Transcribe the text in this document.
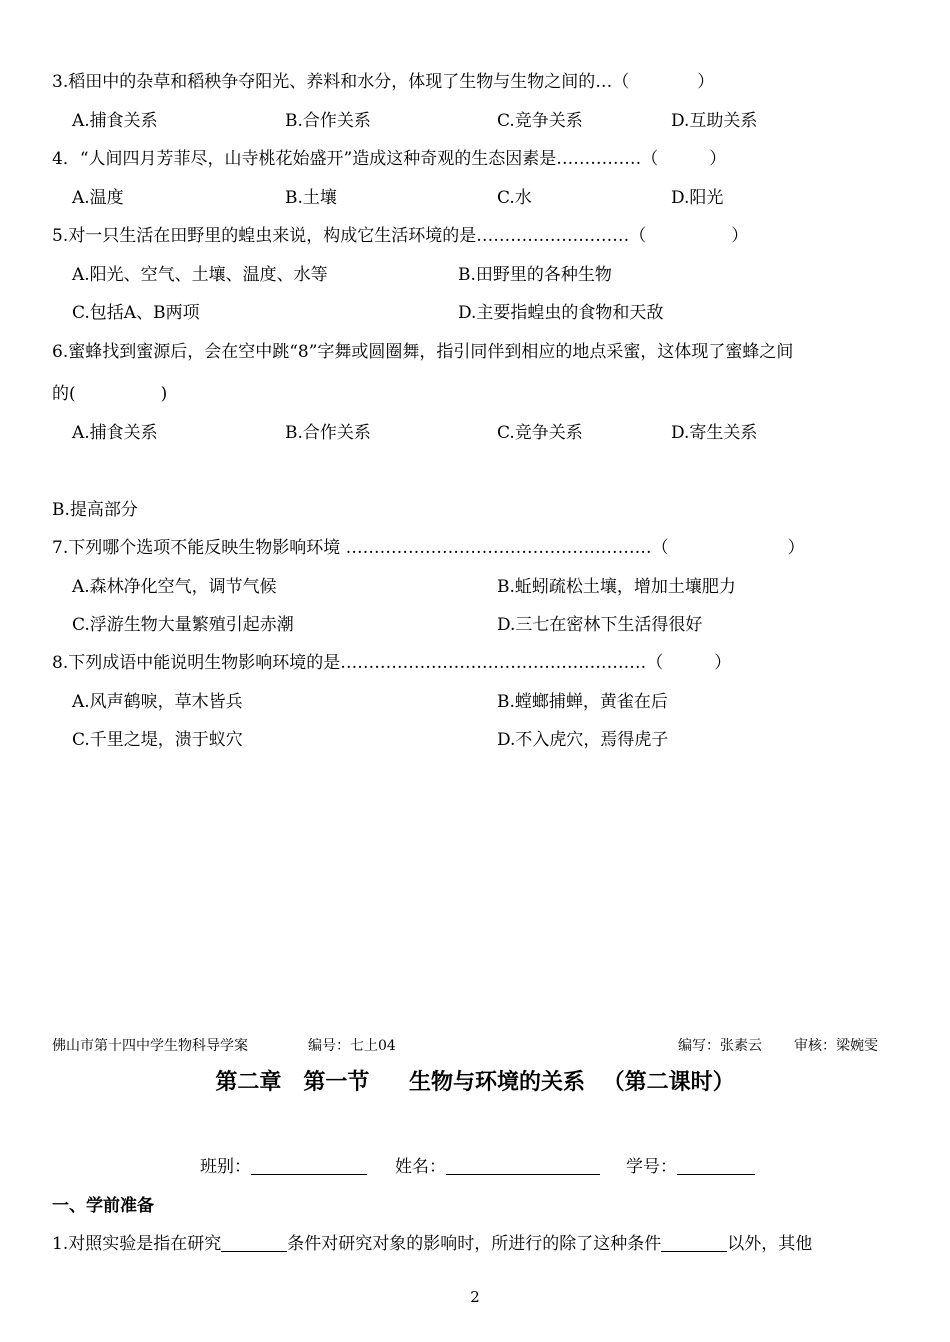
3.稻田中的杂草和稻秧争夺阳光、养料和水分，体现了生物与生物之间的…（　　　　）
A.捕食关系	B.合作关系	C.竞争关系	D.互助关系
4．“人间四月芳菲尽，山寺桃花始盛开”造成这种奇观的生态因素是……………（　　　）
A.温度	B.土壤	C.水	D.阳光
5.对一只生活在田野里的蝗虫来说，构成它生活环境的是………………………（　　　　　）
A.阳光、空气、土壤、温度、水等	B.田野里的各种生物
C.包括A、B两项	D.主要指蝗虫的食物和天敌
6.蜜蜂找到蜜源后，会在空中跳“8”字舞或圆圈舞，指引同伴到相应的地点采蜜，这体现了蜜蜂之间
的(　　　　　)
A.捕食关系	B.合作关系	C.竞争关系	D.寄生关系
B.提高部分
7.下列哪个选项不能反映生物影响环境 ………………………………………………（　　　　　　　）
A.森林净化空气，调节气候	B.蚯蚓疏松土壤，增加土壤肥力
C.浮游生物大量繁殖引起赤潮	D.三七在密林下生活得很好
8.下列成语中能说明生物影响环境的是………………………………………………（　　　）
A.风声鹤唳，草木皆兵	B.螳螂捕蝉，黄雀在后
C.千里之堤，溃于蚁穴	D.不入虎穴，焉得虎子
佛山市第十四中学生物科导学案	编号：七上04	编写：张素云 审核：梁婉雯
第二章　第一节　 生物与环境的关系 （第二课时）
班别：	姓名：	学号：
一、学前准备
1.对照实验是指在研究	条件对研究对象的影响时，所进行的除了这种条件	以外，其他
2
